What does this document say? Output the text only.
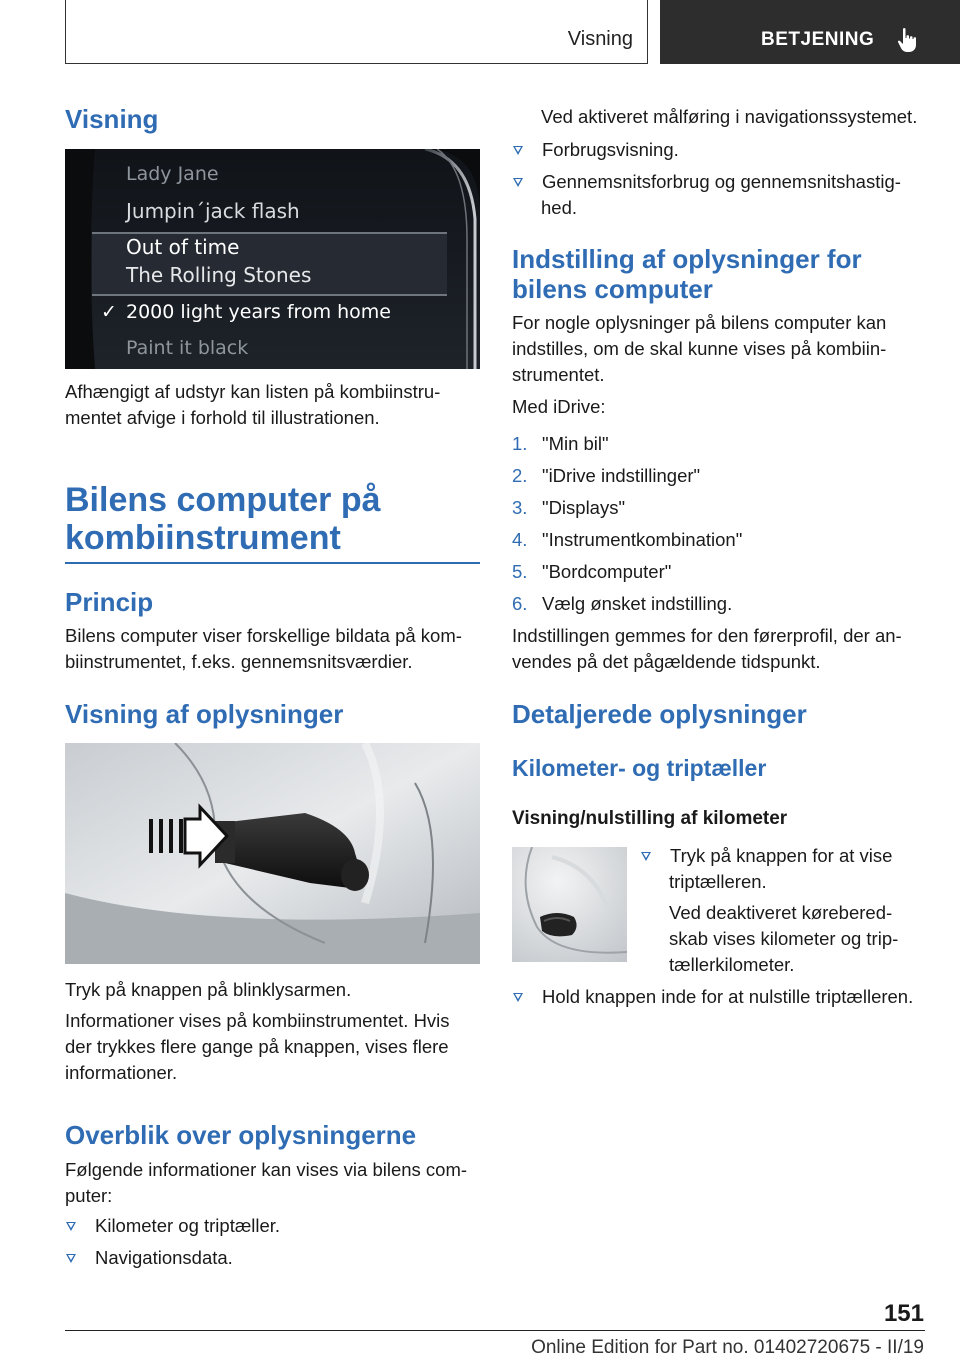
Visning	BETJENING
Visning
Lady Jane
Jumpin´jack flash
Out of time
The Rolling Stones
✓ 2000 light years from home
Paint it black
Afhængigt af udstyr kan listen på kombiinstru-
mentet afvige i forhold til illustrationen.
Bilens computer på
kombiinstrument
Princip
Bilens computer viser forskellige bildata på kom-
biinstrumentet, f.eks. gennemsnitsværdier.
Visning af oplysninger
Tryk på knappen på blinklysarmen.
Informationer vises på kombiinstrumentet. Hvis
der trykkes flere gange på knappen, vises flere
informationer.
Overblik over oplysningerne
Følgende informationer kan vises via bilens com-
puter:
Kilometer og triptæller.
Navigationsdata.
Ved aktiveret målføring i navigationssystemet.
Forbrugsvisning.
Gennemsnitsforbrug og gennemsnitshastig-
hed.
Indstilling af oplysninger for
bilens computer
For nogle oplysninger på bilens computer kan
indstilles, om de skal kunne vises på kombiin-
strumentet.
Med iDrive:
1. "Min bil"
2. "iDrive indstillinger"
3. "Displays"
4. "Instrumentkombination"
5. "Bordcomputer"
6. Vælg ønsket indstilling.
Indstillingen gemmes for den førerprofil, der an-
vendes på det pågældende tidspunkt.
Detaljerede oplysninger
Kilometer- og triptæller
Visning/nulstilling af kilometer
Tryk på knappen for at vise
triptælleren.
Ved deaktiveret kørebered-
skab vises kilometer og trip-
tællerkilometer.
Hold knappen inde for at nulstille triptælleren.
151
Online Edition for Part no. 01402720675 - II/19
